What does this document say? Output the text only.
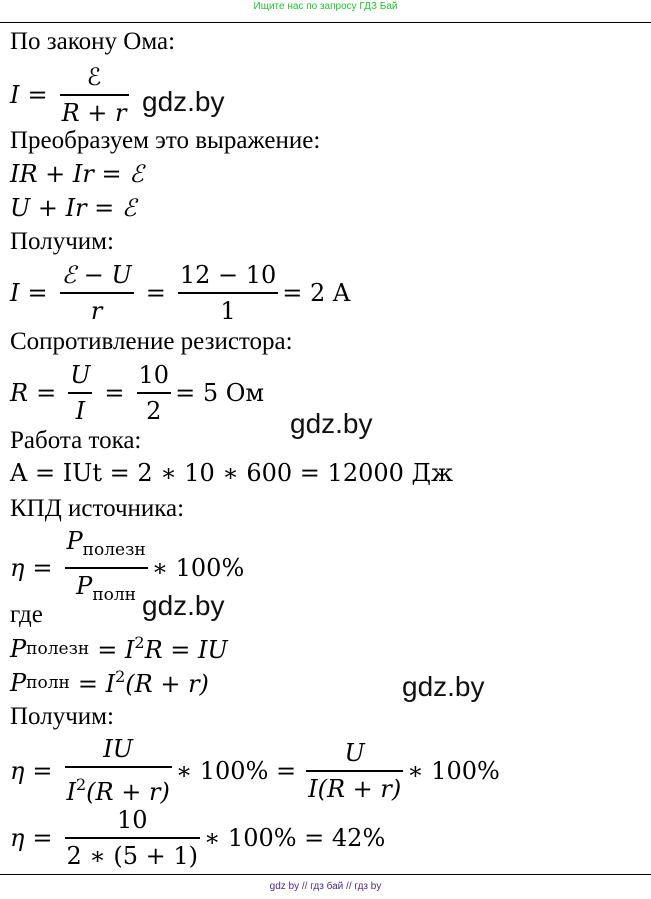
Ищите нас по запросу ГДЗ Бай
По закону Ома:
$I = \frac{\text{ℰ}}{R + r} gdz.by$
Преобразуем это выражение:
IR + Ir = ℰ
U + Ir = ℰ
Получим:
$I = \frac{\text{ℰ − U}}{r} = \frac{12 - 10}{1} = 2$ A
Сопротивление резистора:
$R = \frac{U}{I} = \frac{10}{2} = 5$ Ом
gdz.by
Работа тока:
A = IUt = 2 ∗ 10 ∗ 600 = 12000 Дж
КПД источника:
$\eta = \frac{P_{полезн}}{P_{полн}}$ ∗ 100%
gdz.by
где
P полезн = $I^2R$ = IU
P полн = $I^2(R + r)$	gdz.by
Получим:
$\eta = \frac{IU}{I^2(R + r)}$ ∗ $100\% = \frac{U}{I(R + r)}$ ∗ 100%
$\eta = \frac{10}{2 ∗ (5 + 1)}$ ∗ 100% = 42%
gdz by // гдз бай // гдз by
